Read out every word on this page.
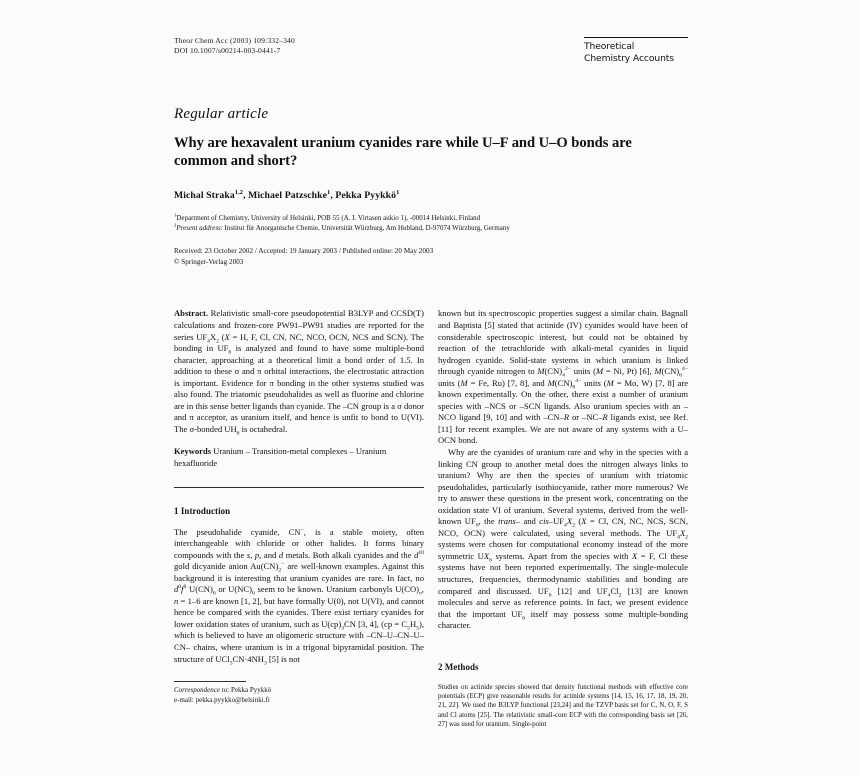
Theor Chem Acc (2003) 109:332–340
DOI 10.1007/s00214-003-0441-7	Theoretical
Chemistry Accounts
Regular article
Why are hexavalent uranium cyanides rare while U–F and U–O bonds are common and short?
Michal Straka$^{1,2}$, Michael Patzschke$^1$, Pekka Pyykkö$^1$
$^1$Department of Chemistry, University of Helsinki, POB 55 (A. I. Virtasen aukio 1), -00014 Helsinki, Finland
$^2$Present address: Institut für Anorganische Chemie, Universität Würzburg, Am Hubland, D-97074 Würzburg, Germany
Received: 23 October 2002 / Accepted: 19 January 2003 / Published online: 20 May 2003
© Springer-Verlag 2003
Abstract. Relativistic small-core pseudopotential B3LYP and CCSD(T) calculations and frozen-core PW91–PW91 studies are reported for the series $UF_4X_2$ (X = H, F, Cl, CN, NC, NCO, OCN, NCS and SCN). The bonding in $UF_6$ is analyzed and found to have some multiple-bond character, approaching at a theoretical limit a bond order of 1.5. In addition to these σ and π orbital interactions, the electrostatic attraction is important. Evidence for π bonding in the other systems studied was also found. The triatomic pseudohalides as well as fluorine and chlorine are in this sense better ligands than cyanide. The –CN group is a σ donor and π acceptor, as uranium itself, and hence is unfit to bond to U(VI). The σ-bonded $UH_6$ is octahedral.
Keywords Uranium – Transition-metal complexes – Uranium hexafluoride
1 Introduction
The pseudohalide cyanide, CN−, is a stable moiety, often interchangeable with chloride or other halides. It forms binary compounds with the s, p, and d metals. Both alkali cyanides and the $d^{10}$ gold dicyanide anion $Au(CN)_2^-$ are well-known examples. Against this background it is interesting that uranium cyanides are rare. In fact, no $d^0f^0$ $U(CN)_6$ or $U(NC)_6$ seem to be known. Uranium carbonyls $U(CO)_n$, n = 1–6 are known [1, 2], but have formally U(0), not U(VI), and cannot hence be compared with the cyanides. There exist tertiary cyanides for lower oxidation states of uranium, such as $U(cp)_3CN$ [3, 4], $(cp = C_5H_5)$, which is believed to have an oligomeric structure with –CN–U–CN–U–CN– chains, where uranium is in a trigonal bipyramidal position. The structure of $UCl_3CN\cdot 4NH_3$ [5] is not
Correspondence to: Pekka Pyykkö
e-mail: pekka.pyykko@helsinki.fi
known but its spectroscopic properties suggest a similar chain. Bagnall and Baptista [5] stated that actinide (IV) cyanides would have been of considerable spectroscopic interest, but could not be obtained by reaction of the tetrachloride with alkali-metal cyanides in liquid hydrogen cyanide. Solid-state systems in which uranium is linked through cyanide nitrogen to $M(CN)_4^{2-}$ units (M = Ni, Pt) [6], $M(CN)_6^{4-}$ units (M = Fe, Ru) [7, 8], and $M(CN)_8^{4-}$ units (M = Mo, W) [7, 8] are known experimentally. On the other, there exist a number of uranium species with –NCS or –SCN ligands. Also uranium species with an –NCO ligand [9, 10] and with –CN–R or –NC–R ligands exist, see Ref. [11] for recent examples. We are not aware of any systems with a U–OCN bond.
Why are the cyanides of uranium rare and why in the species with a linking CN group to another metal does the nitrogen always links to uranium? Why are then the species of uranium with triatomic pseudohalides, particularly isothiocyanide, rather more numerous? We try to answer these questions in the present work, concentrating on the oxidation state VI of uranium. Several systems, derived from the well-known $UF_6$, the trans– and cis–$UF_4X_2$ (X = Cl, CN, NC, NCS, SCN, NCO, OCN) were calculated, using several methods. The $UF_4X_2$ systems were chosen for computational economy instead of the more symmetric $UX_6$ systems. Apart from the species with X = F, Cl these systems have not been reported experimentally. The single-molecule structures, frequencies, thermodynamic stabilities and bonding are compared and discussed. $UF_6$ [12] and $UF_4Cl_2$ [13] are known molecules and serve as reference points. In fact, we present evidence that the important $UF_6$ itself may possess some multiple-bonding character.
2 Methods
Studies on actinide species showed that density functional methods with effective core potentials (ECP) give reasonable results for actinide systems [14, 15, 16, 17, 18, 19, 20, 21, 22]. We used the B3LYP functional [23,24] and the TZVP basis set for C, N, O, F, S and Cl atoms [25]. The relativistic small-core ECP with the corresponding basis set [26, 27] was used for uranium. Single-point
